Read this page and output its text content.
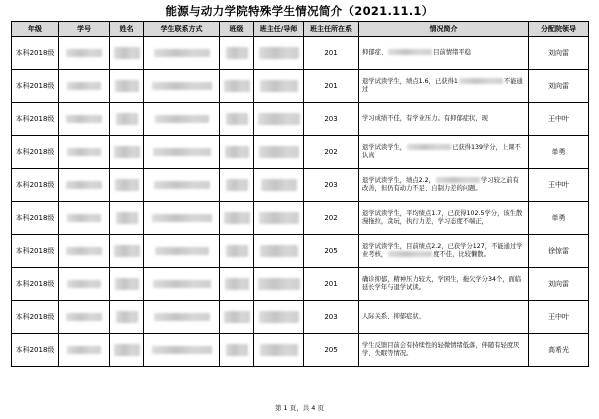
能源与动力学院特殊学生情况简介（2021.11.1）
年级	学号	姓名	学生联系方式	班级	班主任/导师	班主任所在系	情况简介	分配院领导
本科2018级						201	抑郁症、 目前情绪平稳	刘向雷
本科2018级						201	退学试读学生，绩点1.6，已获得1 不能通过	刘向雷
本科2018级						203	学习成绩不佳，有学业压力。有抑郁症状，现	王中叶
本科2018级						202	退学试读学生， 已获得139学分，上课不认真	单勇
本科2018级						203	退学试读学生，绩点2.2， 学习较之前有改善，但仍有动力不足、自制力差的问题。	王中叶
本科2018级						202	退学试读学生，平均绩点1.7，已获得102.5学分，该生散漫拖拉，贪玩，执行力差，学习态度不端正，	单勇
本科2018级						205	退学试读学生，目前绩点2.2，已获学分127，不能通过学业考核， 度不佳，比较懒散。	徐惊雷
本科2018级						201	确诊抑郁，精神压力较大，学困生，拖欠学分34个，面临延长学年与退学试读。	刘向雷
本科2018级						203	人际关系、抑郁症状、	王中叶
本科2018级						205	学生反馈目前会有持续性的轻微情绪低落，伴随有轻度厌学、失眠等情况。	高希光
第 1 页，共 4 页
